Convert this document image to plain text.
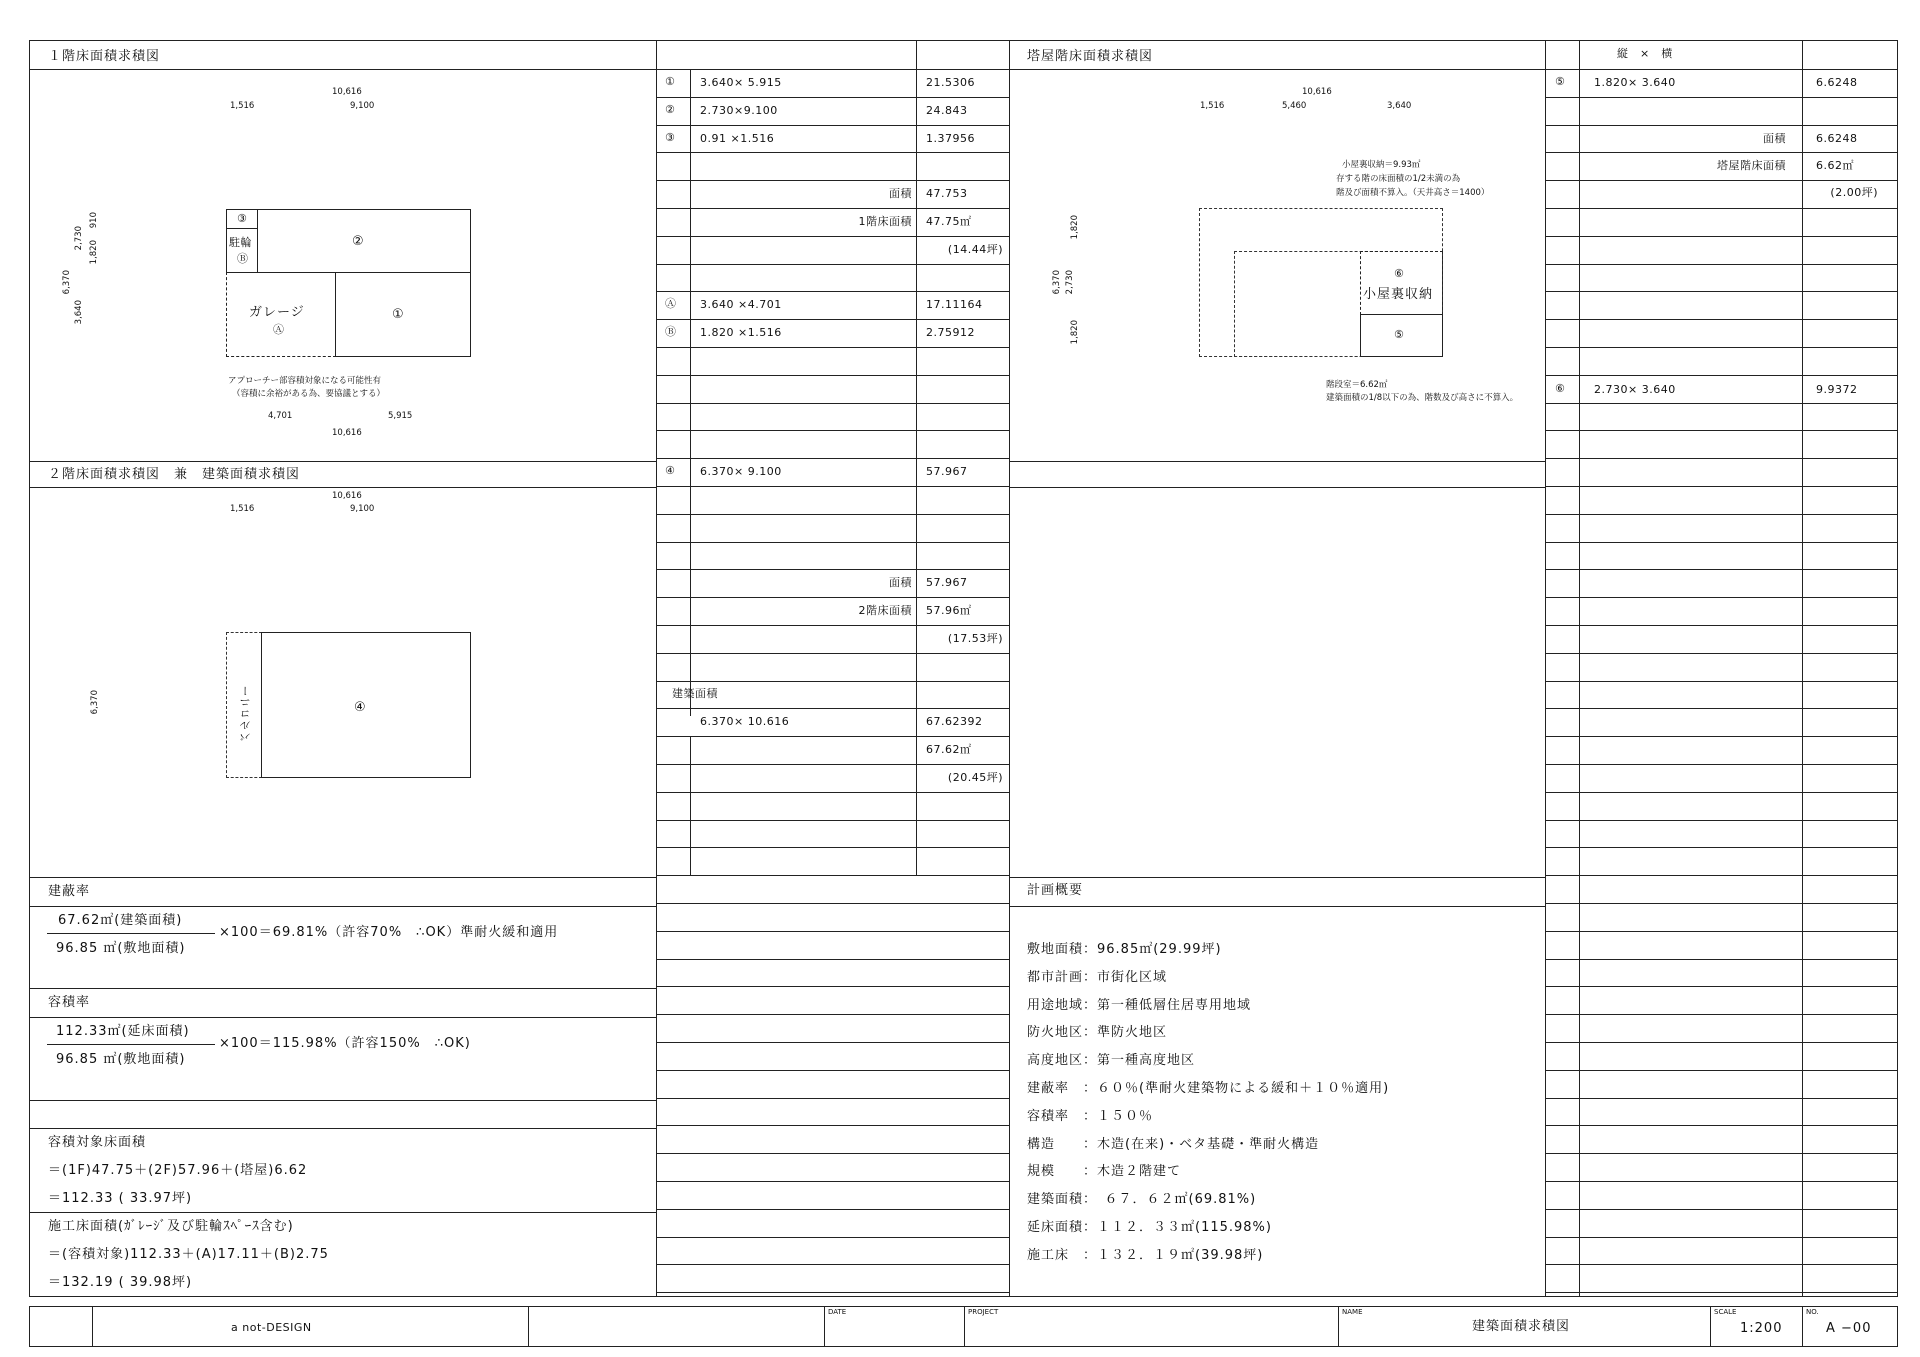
１階床面積求積図
２階床面積求積図　兼　建築面積求積図
塔屋階床面積求積図
計画概要
縦　×　横
10,616
1,516	9,100
6,370
3,640
2,730
1,820
910	③
駐輪
Ⓑ
②
ガレージ
Ⓐ
①
アプローチー部容積対象になる可能性有
（容積に余裕がある為、要協議とする）
4,701	5,915
10,616
10,616
1,516	9,100
6,370	バルコニー	④
10,616
1,516	5,460	3,640
6,370 2,730
1,820
1,820
小屋裏収納＝9.93㎡
存する階の床面積の1/2未満の為
階及び面積不算入。（天井高さ＝1400）
⑥
小屋裏収納
⑤
階段室＝6.62㎡
建築面積の1/8以下の為、階数及び高さに不算入。
① 3.640× 5.915	21.5306
② 2.730×9.100	24.843
③ 0.91 ×1.516	1.37956
面積 47.753
1階床面積 47.75㎡
(14.44坪)
Ⓐ 3.640 ×4.701	17.11164
Ⓑ 1.820 ×1.516	2.75912
④ 6.370× 9.100	57.967
面積 57.967
2階床面積 57.96㎡
(17.53坪)
建築面積
6.370× 10.616	67.62392
67.62㎡
(20.45坪)
⑤	1.820× 3.640	6.6248
面積	6.6248
塔屋階床面積	6.62㎡
(2.00坪)
⑥	2.730× 3.640	9.9372
建蔽率
67.62㎡(建築面積)
96.85 ㎡(敷地面積)
×100＝69.81%（許容70%　∴OK）準耐火緩和適用
容積率
112.33㎡(延床面積)
96.85 ㎡(敷地面積)
×100＝115.98%（許容150%　∴OK)
容積対象床面積
＝(1F)47.75＋(2F)57.96＋(塔屋)6.62
＝112.33 ( 33.97坪)
施工床面積(ｶﾞﾚｰｼﾞ及び駐輪ｽﾍﾟｰｽ含む)
＝(容積対象)112.33＋(A)17.11＋(B)2.75
＝132.19 ( 39.98坪)
敷地面積：96.85㎡(29.99坪)
都市計画：市街化区域
用途地域：第一種低層住居専用地域
防火地区：準防火地区
高度地区：第一種高度地区
建蔽率　：６０％(準耐火建築物による緩和＋１０％適用)
容積率　：１５０％
構造　　：木造(在来)・ベタ基礎・準耐火構造
規模　　：木造２階建て
建築面積：　６７．６２㎡(69.81%)
延床面積：１１２．３３㎡(115.98%)
施工床　：１３２．１９㎡(39.98坪)
a not-DESIGN
DATE	PROJECT	NAME
建築面積求積図
SCALE
1:200
NO.
A −00
